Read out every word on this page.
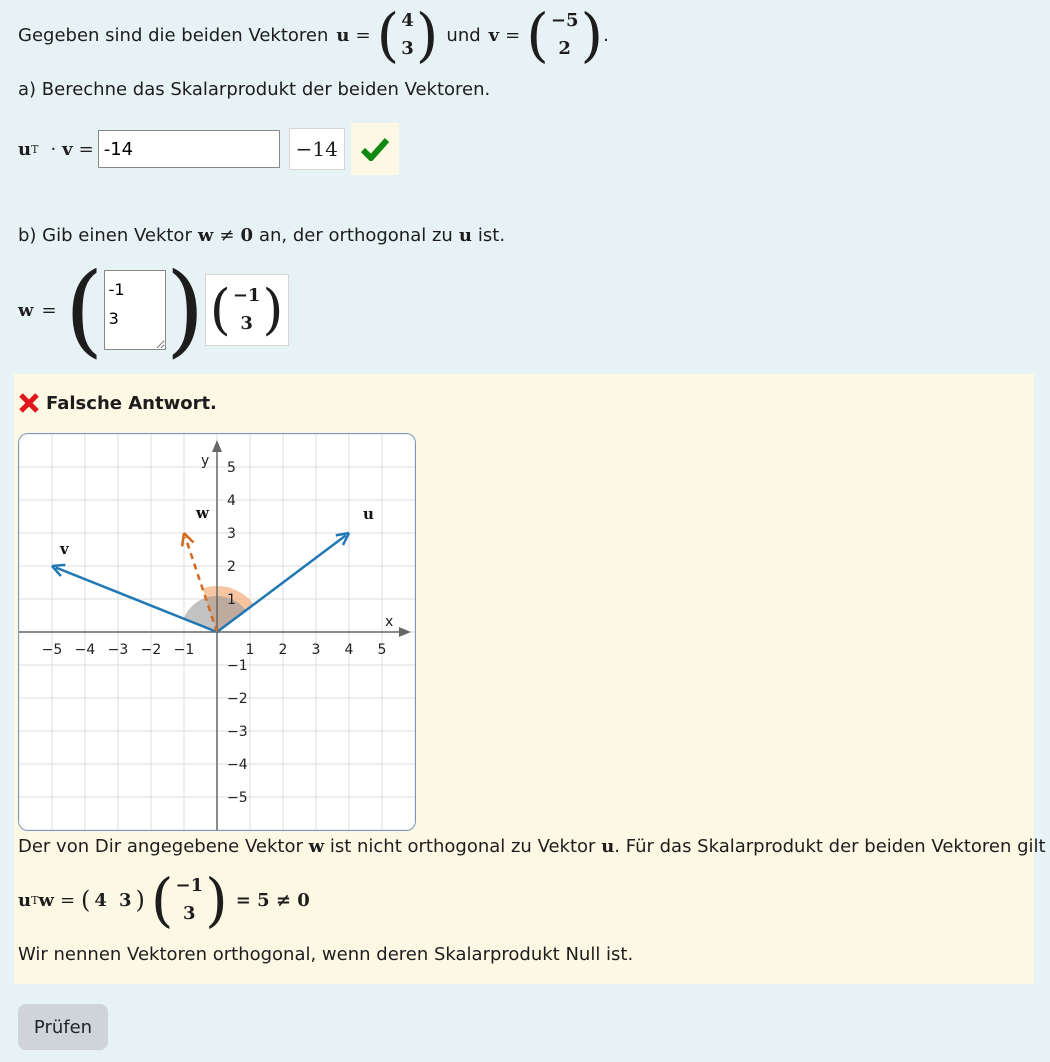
Gegeben sind die beiden Vektoren u = ( 4
3 ) und v = ( −5
2 ) .
a) Berechne das Skalarprodukt der beiden Vektoren.
u T · v =
-14	−14
b) Gib einen Vektor w ≠ 0 an, der orthogonal zu u ist.
w = (
-1 3 ) ( −1
3 )
Falsche Antwort.
x
y
−5 −4 −3 −2 −1	1 2 3 4 5
5
4
3
2
1
−1
−2
−3
−4
−5
u
v
w
Der von Dir angegebene Vektor w ist nicht orthogonal zu Vektor u. Für das Skalarprodukt der beiden Vektoren gilt
u T w = ( 4 3 ) ( −1
3 ) = 5 ≠ 0
Wir nennen Vektoren orthogonal, wenn deren Skalarprodukt Null ist.
Prüfen
